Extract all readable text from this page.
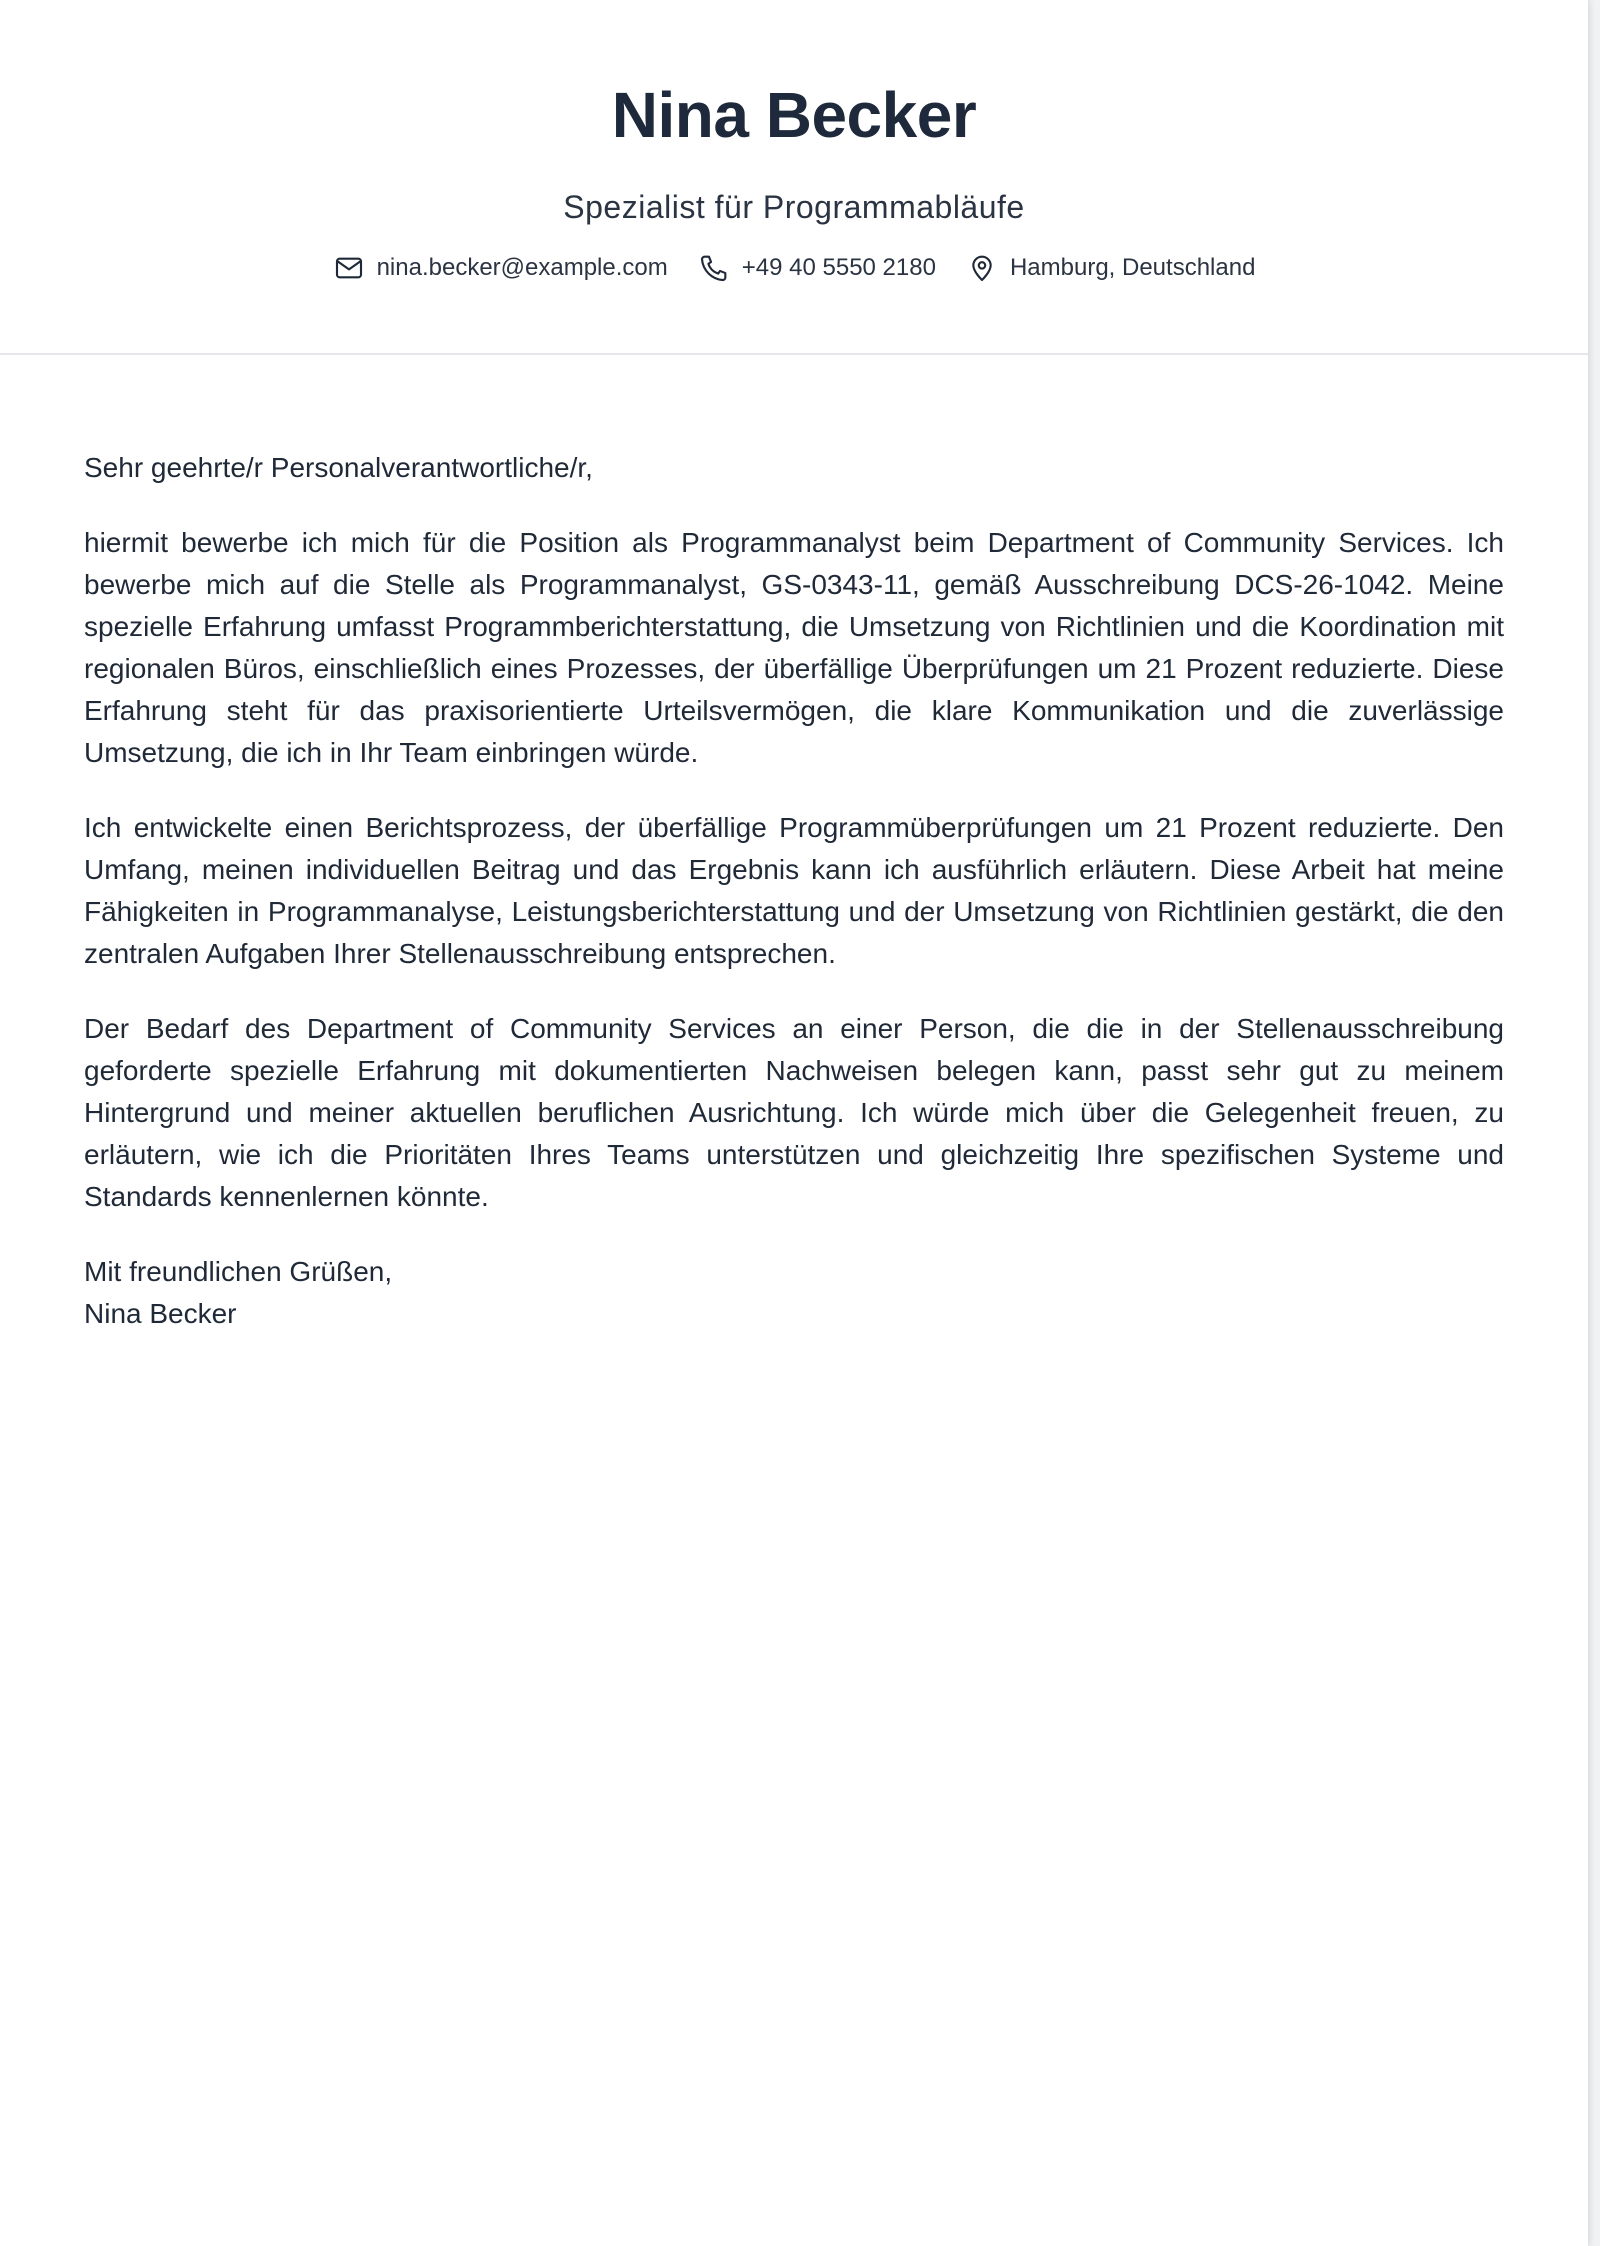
Nina Becker
Spezialist für Programmabläufe
nina.becker@example.com	+49 40 5550 2180	Hamburg, Deutschland
Sehr geehrte/r Personalverantwortliche/r,

hiermit bewerbe ich mich für die Position als Programmanalyst beim Department of Community Services. Ich bewerbe mich auf die Stelle als Programmanalyst, GS-0343-11, gemäß Ausschreibung DCS-26-1042. Meine spezielle Erfahrung umfasst Programmberichterstattung, die Umsetzung von Richtlinien und die Koordination mit regionalen Büros, einschließlich eines Prozesses, der überfällige Überprüfungen um 21 Prozent reduzierte. Diese Erfahrung steht für das praxisorientierte Urteilsvermögen, die klare Kommunikation und die zuverlässige Umsetzung, die ich in Ihr Team einbringen würde.

Ich entwickelte einen Berichtsprozess, der überfällige Programmüberprüfungen um 21 Prozent reduzierte. Den Umfang, meinen individuellen Beitrag und das Ergebnis kann ich ausführlich erläutern. Diese Arbeit hat meine Fähigkeiten in Programmanalyse, Leistungsberichterstattung und der Umsetzung von Richtlinien gestärkt, die den zentralen Aufgaben Ihrer Stellenausschreibung entsprechen.

Der Bedarf des Department of Community Services an einer Person, die die in der Stellenausschreibung geforderte spezielle Erfahrung mit dokumentierten Nachweisen belegen kann, passt sehr gut zu meinem Hintergrund und meiner aktuellen beruflichen Ausrichtung. Ich würde mich über die Gelegenheit freuen, zu erläutern, wie ich die Prioritäten Ihres Teams unterstützen und gleichzeitig Ihre spezifischen Systeme und Standards kennenlernen könnte.

Mit freundlichen Grüßen,
Nina Becker
